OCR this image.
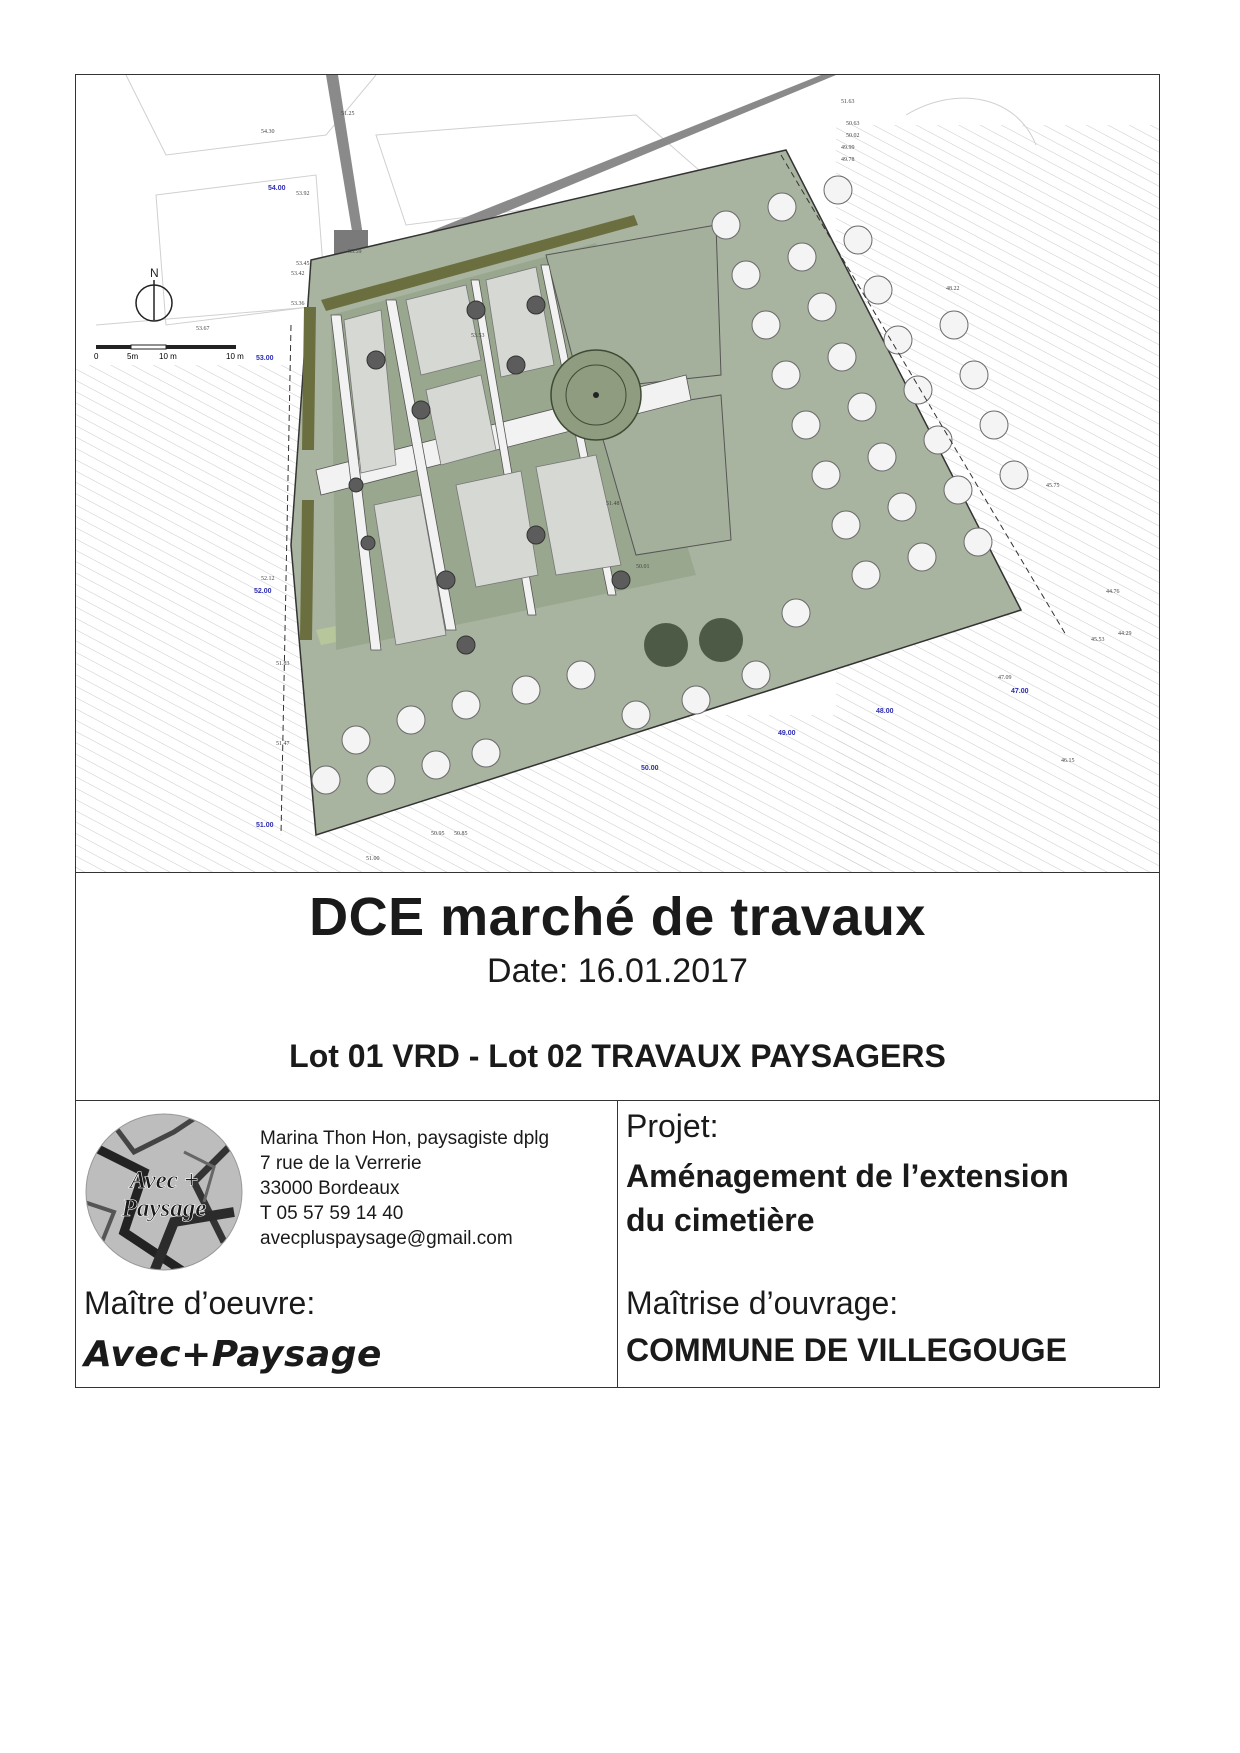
N
0	5m	10 m	10 m
54.00
53.00
52.00
51.00
50.00
49.00
48.00
47.00
51.25
54.30
53.92
53.45
53.42
53.36
53.59
53.67
52.12
51.83
51.47
51.00
50.95 50.85
51.48
50.01
53.53
51.63
50.63
50.02
49.99
49.78
48.22
45.75
44.76
44.29
45.53
47.09
46.15
DCE marché de travaux
Date: 16.01.2017
Lot 01 VRD - Lot 02 TRAVAUX PAYSAGERS
Avec +
Paysage
Marina Thon Hon, paysagiste dplg
7 rue de la Verrerie
33000 Bordeaux
T 05 57 59 14 40
avecpluspaysage@gmail.com
Maître d’oeuvre:
Avec+Paysage
Projet:
Aménagement de l’extension
du cimetière
Maîtrise d’ouvrage:
COMMUNE DE VILLEGOUGE
